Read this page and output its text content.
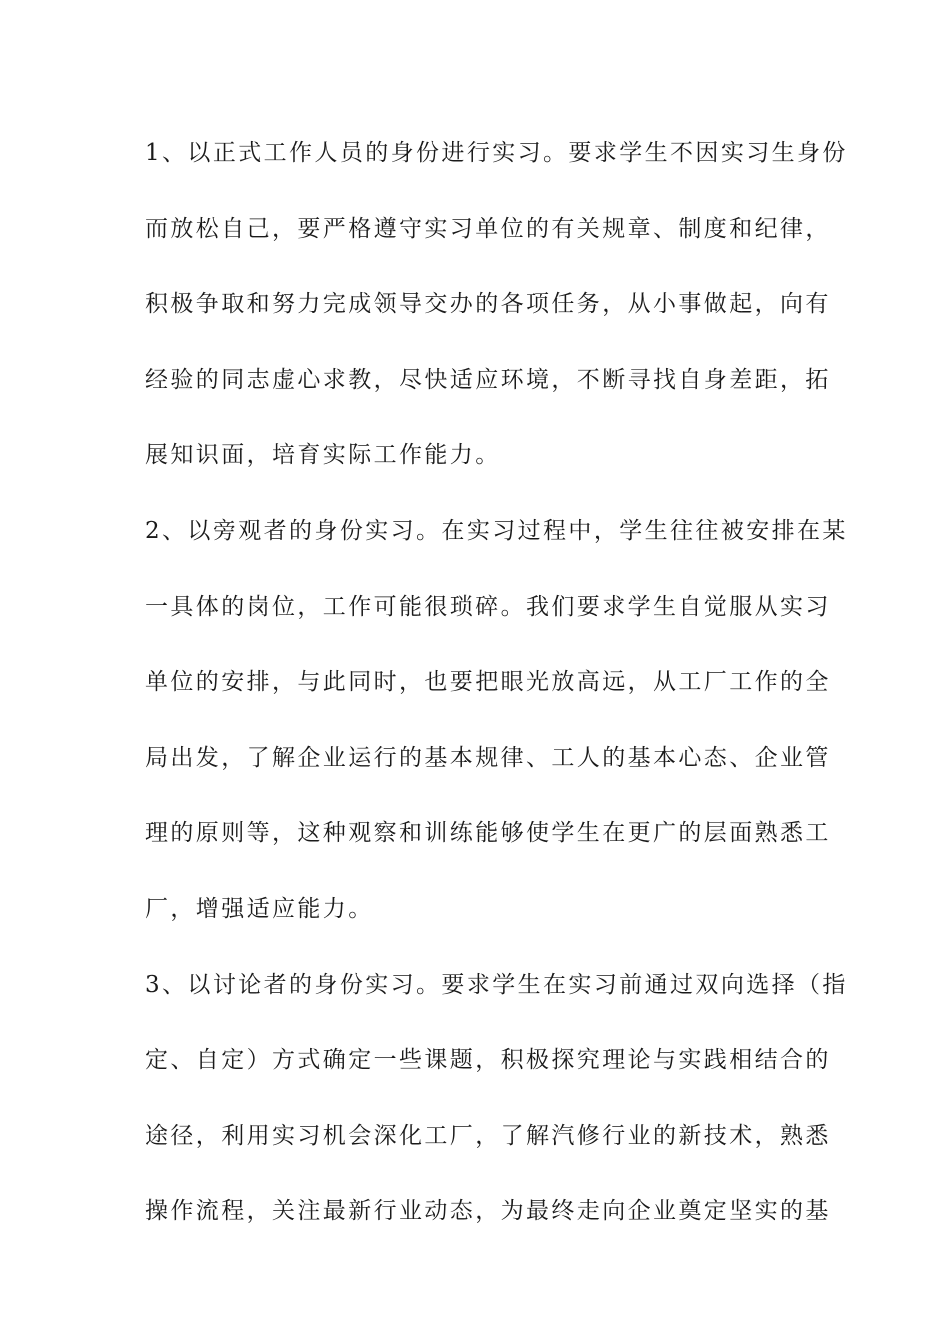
1、以正式工作人员的身份进行实习。要求学生不因实习生身份
而放松自己，要严格遵守实习单位的有关规章、制度和纪律，
积极争取和努力完成领导交办的各项任务，从小事做起，向有
经验的同志虚心求教，尽快适应环境，不断寻找自身差距，拓
展知识面，培育实际工作能力。
2、以旁观者的身份实习。在实习过程中，学生往往被安排在某
一具体的岗位，工作可能很琐碎。我们要求学生自觉服从实习
单位的安排，与此同时，也要把眼光放高远，从工厂工作的全
局出发，了解企业运行的基本规律、工人的基本心态、企业管
理的原则等，这种观察和训练能够使学生在更广的层面熟悉工
厂，增强适应能力。
3、以讨论者的身份实习。要求学生在实习前通过双向选择（指
定、自定）方式确定一些课题，积极探究理论与实践相结合的
途径，利用实习机会深化工厂，了解汽修行业的新技术，熟悉
操作流程，关注最新行业动态，为最终走向企业奠定坚实的基
